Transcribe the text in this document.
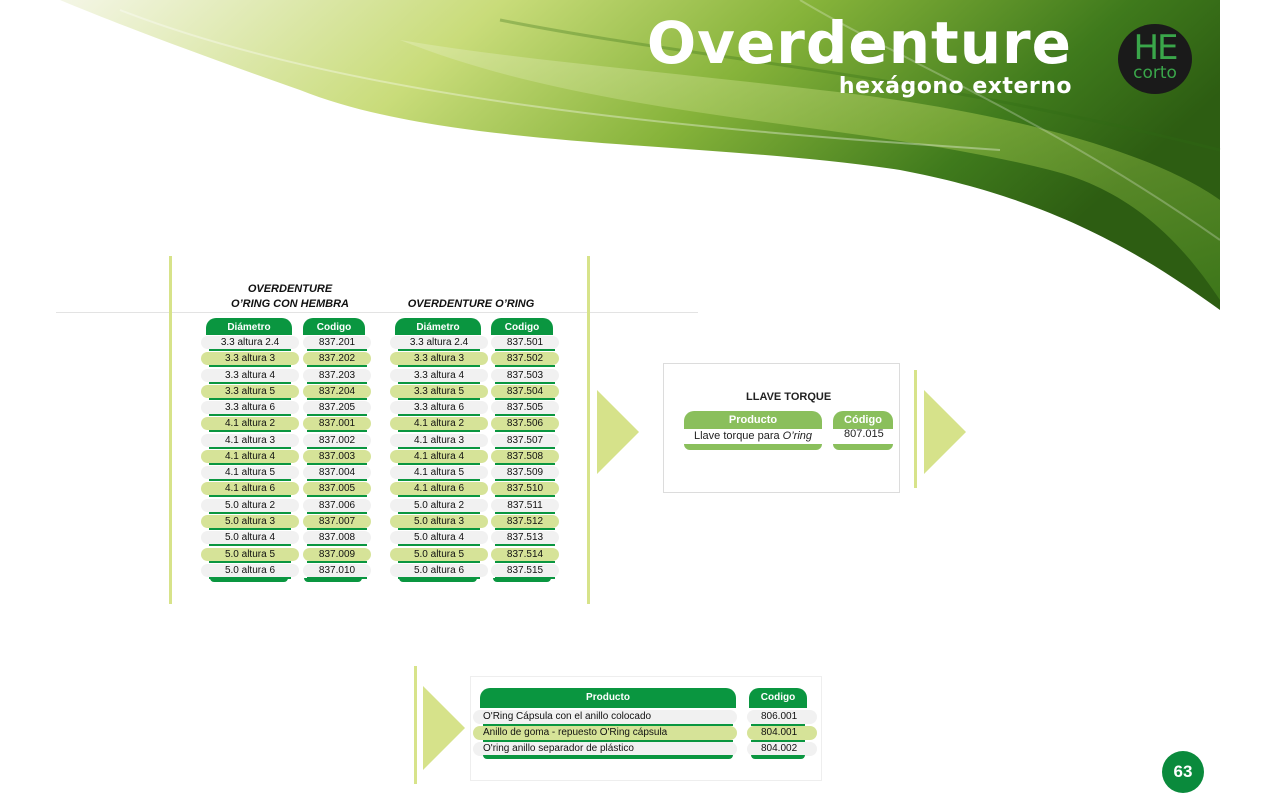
Overdenture
hexágono externo
HE
corto
OVERDENTURE
O’RING CON HEMBRA
Diámetro	Codigo
3.3 altura 2.4	837.201
3.3 altura 3	837.202
3.3 altura 4	837.203
3.3 altura 5	837.204
3.3 altura 6	837.205
4.1 altura 2	837.001
4.1 altura 3	837.002
4.1 altura 4	837.003
4.1 altura 5	837.004
4.1 altura 6	837.005
5.0 altura 2	837.006
5.0 altura 3	837.007
5.0 altura 4	837.008
5.0 altura 5	837.009
5.0 altura 6	837.010
OVERDENTURE O’RING
Diámetro	Codigo
3.3 altura 2.4	837.501
3.3 altura 3	837.502
3.3 altura 4	837.503
3.3 altura 5	837.504
3.3 altura 6	837.505
4.1 altura 2	837.506
4.1 altura 3	837.507
4.1 altura 4	837.508
4.1 altura 5	837.509
4.1 altura 6	837.510
5.0 altura 2	837.511
5.0 altura 3	837.512
5.0 altura 4	837.513
5.0 altura 5	837.514
5.0 altura 6	837.515
LLAVE TORQUE
Producto	Código
Llave torque para O’ring	807.015
Producto	Codigo
O'Ring Cápsula con el anillo colocado	806.001
Anillo de goma - repuesto O'Ring cápsula	804.001
O'ring anillo separador de plástico	804.002
63
